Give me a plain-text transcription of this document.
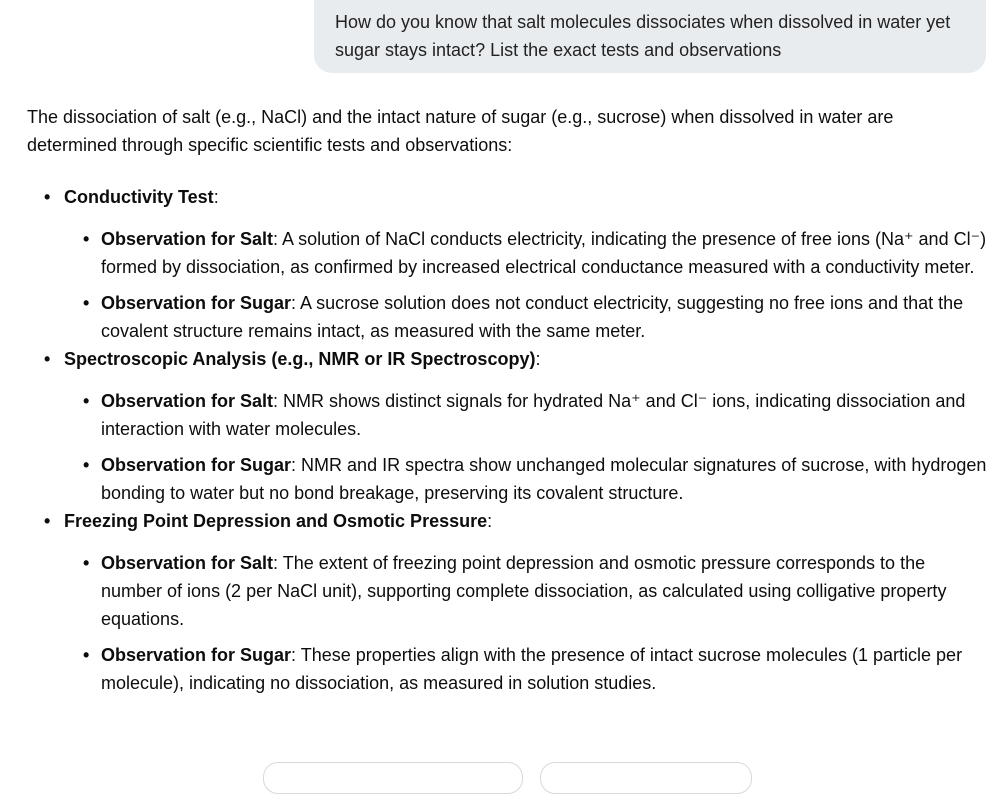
How do you know that salt molecules dissociates when dissolved in water yet sugar stays intact? List the exact tests and observations

The dissociation of salt (e.g., NaCl) and the intact nature of sugar (e.g., sucrose) when dissolved in water are determined through specific scientific tests and observations:

• Conductivity Test:
• Observation for Salt: A solution of NaCl conducts electricity, indicating the presence of free ions (Na⁺ and Cl⁻) formed by dissociation, as confirmed by increased electrical conductance measured with a conductivity meter.
• Observation for Sugar: A sucrose solution does not conduct electricity, suggesting no free ions and that the covalent structure remains intact, as measured with the same meter.
• Spectroscopic Analysis (e.g., NMR or IR Spectroscopy):
• Observation for Salt: NMR shows distinct signals for hydrated Na⁺ and Cl⁻ ions, indicating dissociation and interaction with water molecules.
• Observation for Sugar: NMR and IR spectra show unchanged molecular signatures of sucrose, with hydrogen bonding to water but no bond breakage, preserving its covalent structure.
• Freezing Point Depression and Osmotic Pressure:
• Observation for Salt: The extent of freezing point depression and osmotic pressure corresponds to the number of ions (2 per NaCl unit), supporting complete dissociation, as calculated using colligative property equations.
• Observation for Sugar: These properties align with the presence of intact sucrose molecules (1 particle per molecule), indicating no dissociation, as measured in solution studies.
